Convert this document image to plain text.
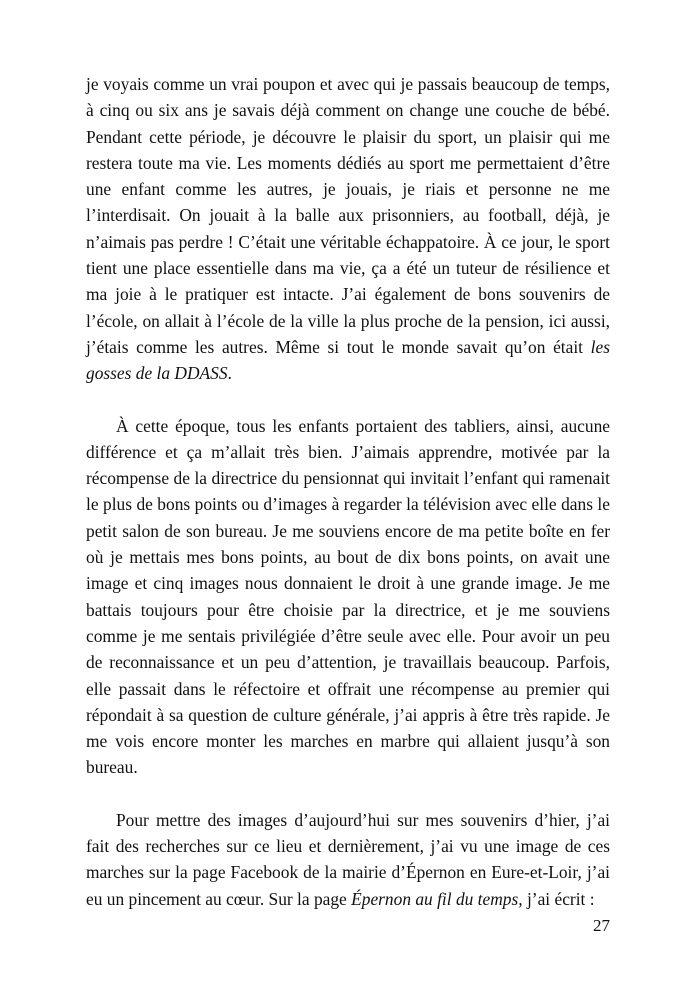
je voyais comme un vrai poupon et avec qui je passais beaucoup de temps, à cinq ou six ans je savais déjà comment on change une couche de bébé. Pendant cette période, je découvre le plaisir du sport, un plaisir qui me restera toute ma vie. Les moments dédiés au sport me permettaient d’être une enfant comme les autres, je jouais, je riais et personne ne me l’interdisait. On jouait à la balle aux prisonniers, au football, déjà, je n’aimais pas perdre ! C’était une véritable échappatoire. À ce jour, le sport tient une place essentielle dans ma vie, ça a été un tuteur de résilience et ma joie à le pratiquer est intacte. J’ai également de bons souvenirs de l’école, on allait à l’école de la ville la plus proche de la pension, ici aussi, j’étais comme les autres. Même si tout le monde savait qu’on était les gosses de la DDASS.

À cette époque, tous les enfants portaient des tabliers, ainsi, aucune différence et ça m’allait très bien. J’aimais apprendre, motivée par la récompense de la directrice du pensionnat qui invitait l’enfant qui ramenait le plus de bons points ou d’images à regarder la télévision avec elle dans le petit salon de son bureau. Je me souviens encore de ma petite boîte en fer où je mettais mes bons points, au bout de dix bons points, on avait une image et cinq images nous donnaient le droit à une grande image. Je me battais toujours pour être choisie par la directrice, et je me souviens comme je me sentais privilégiée d’être seule avec elle. Pour avoir un peu de reconnaissance et un peu d’attention, je travaillais beaucoup. Parfois, elle passait dans le réfectoire et offrait une récompense au premier qui répondait à sa question de culture générale, j’ai appris à être très rapide. Je me vois encore monter les marches en marbre qui allaient jusqu’à son bureau.

Pour mettre des images d’aujourd’hui sur mes souvenirs d’hier, j’ai fait des recherches sur ce lieu et dernièrement, j’ai vu une image de ces marches sur la page Facebook de la mairie d’Épernon en Eure-et-Loir, j’ai eu un pincement au cœur. Sur la page Épernon au fil du temps, j’ai écrit :

27
